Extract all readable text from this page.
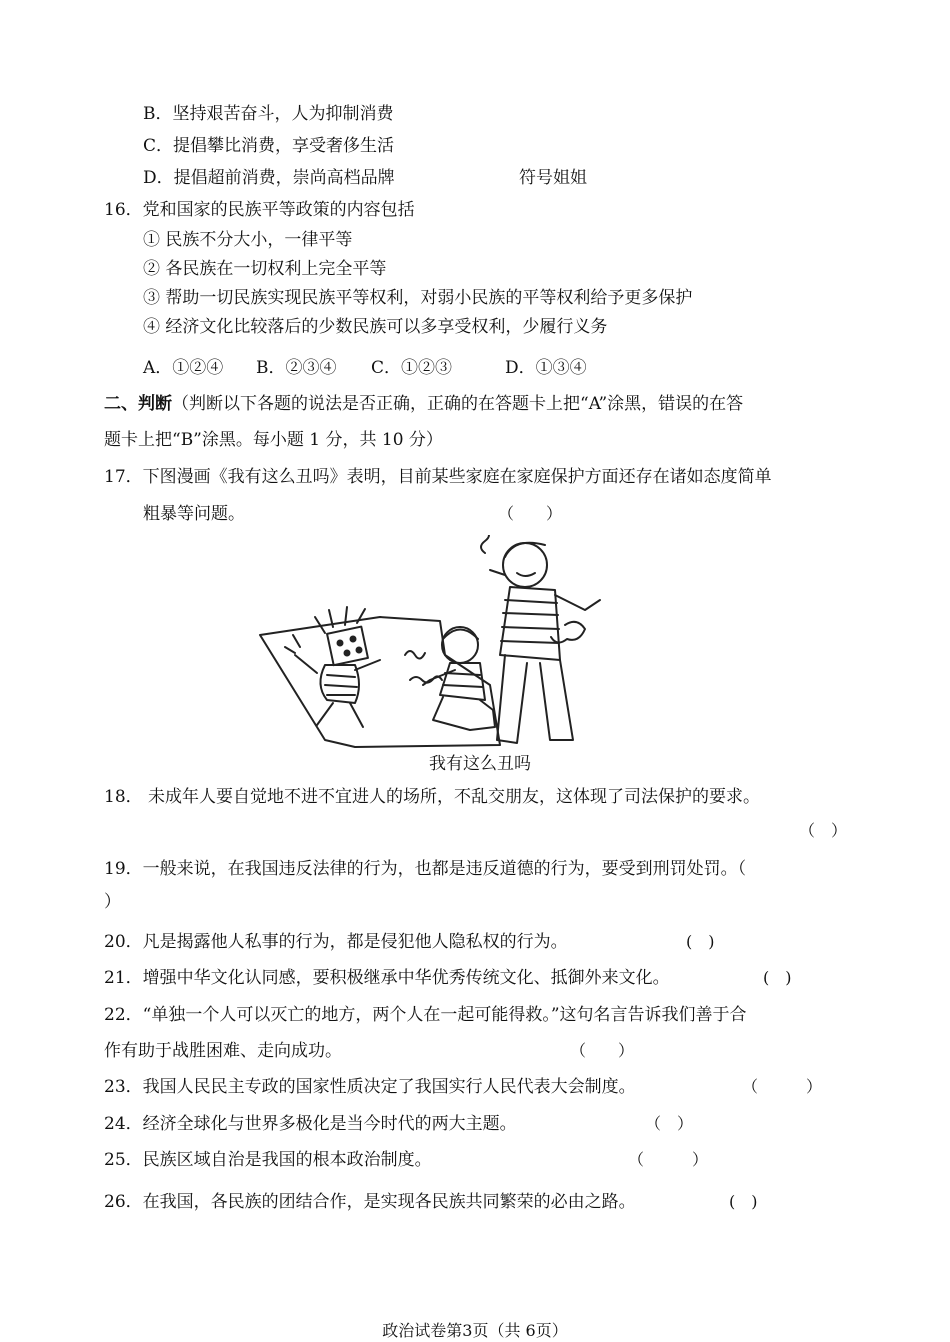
B．坚持艰苦奋斗，人为抑制消费
C．提倡攀比消费，享受奢侈生活
D．提倡超前消费，崇尚高档品牌	符号姐姐
16．党和国家的民族平等政策的内容包括
① 民族不分大小，一律平等
② 各民族在一切权利上完全平等
③ 帮助一切民族实现民族平等权利，对弱小民族的平等权利给予更多保护
④ 经济文化比较落后的少数民族可以多享受权利，少履行义务
A．①②④ B．②③④ C．①②③	D．①③④
二、判断（判断以下各题的说法是否正确，正确的在答题卡上把“A”涂黑，错误的在答
题卡上把“B”涂黑。每小题 1 分，共 10 分）
17．下图漫画《我有这么丑吗》表明，目前某些家庭在家庭保护方面还存在诸如态度简单
粗暴等问题。	（　　）
我有这么丑吗
18． 未成年人要自觉地不进不宜进人的场所，不乱交朋友，这体现了司法保护的要求。
（　）
19．一般来说，在我国违反法律的行为，也都是违反道德的行为，要受到刑罚处罚。（
）
20．凡是揭露他人私事的行为，都是侵犯他人隐私权的行为。	(　)
21．增强中华文化认同感，要积极继承中华优秀传统文化、抵御外来文化。	(　)
22．“单独一个人可以灭亡的地方，两个人在一起可能得救。”这句名言告诉我们善于合
作有助于战胜困难、走向成功。	（　　）
23．我国人民民主专政的国家性质决定了我国实行人民代表大会制度。	（　　　）
24．经济全球化与世界多极化是当今时代的两大主题。	（　）
25．民族区域自治是我国的根本政治制度。	（　　　）
26．在我国，各民族的团结合作，是实现各民族共同繁荣的必由之路。	(　)
政治试卷第3页（共 6页）
